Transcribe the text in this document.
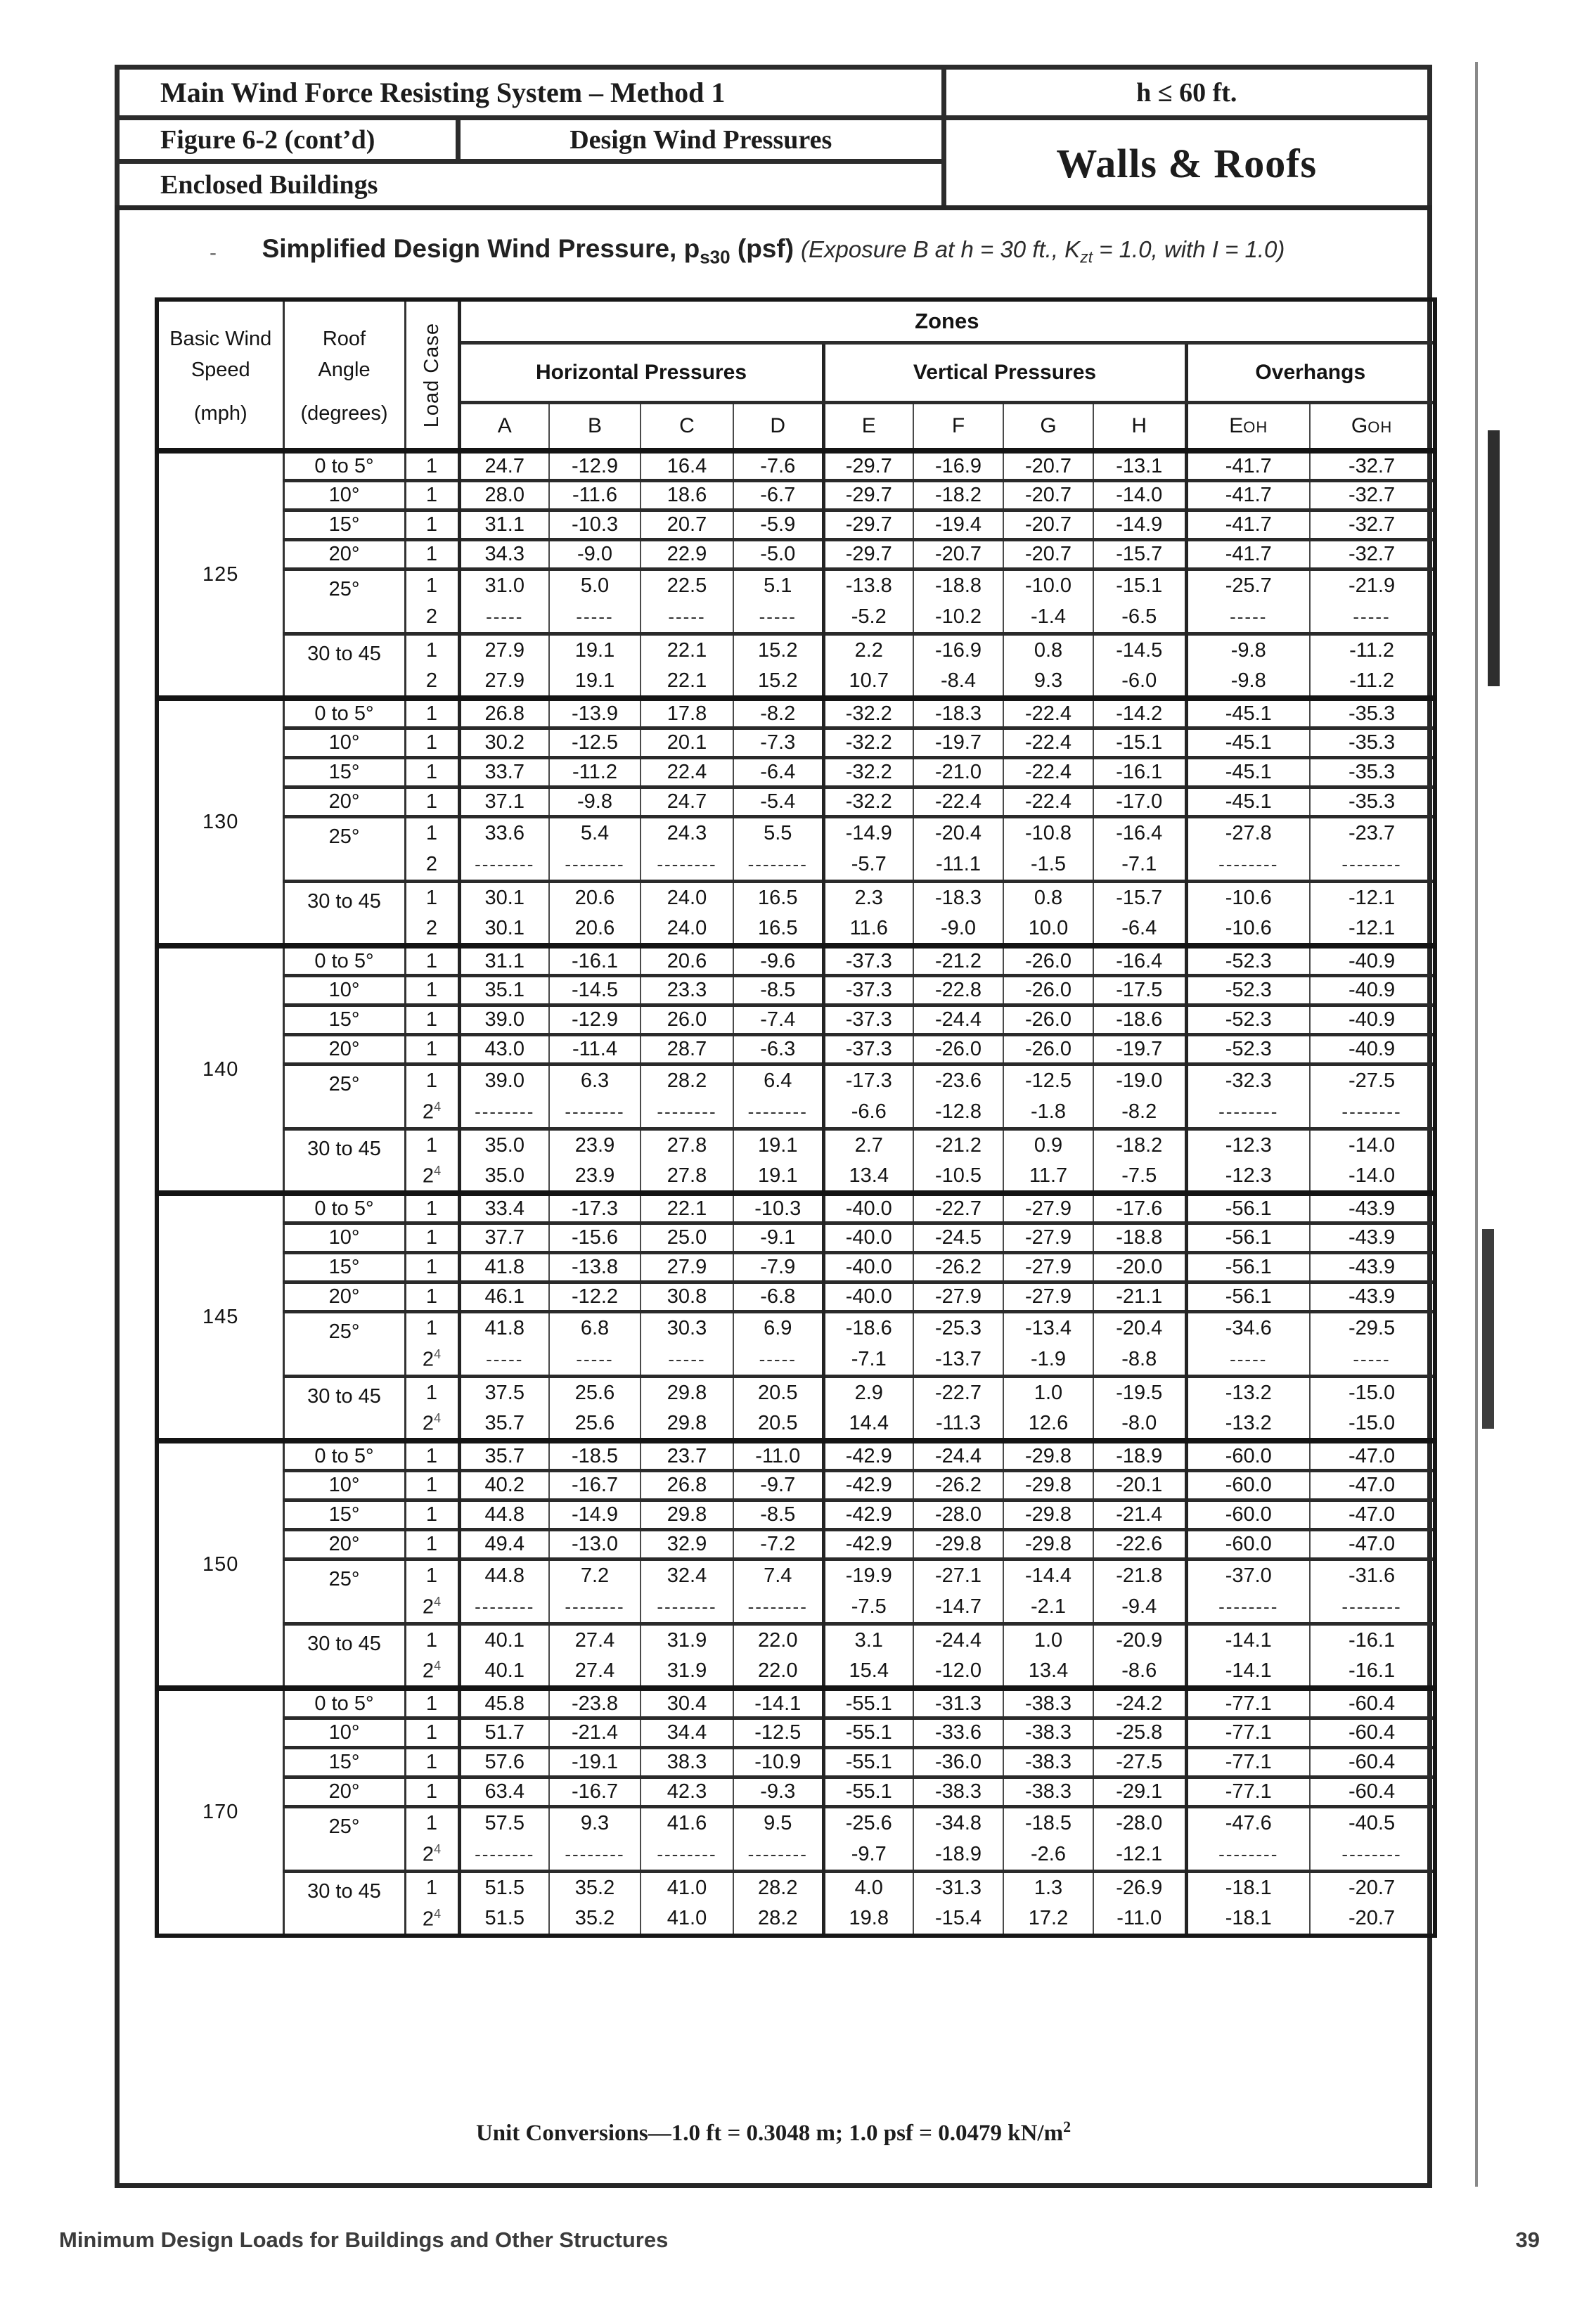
Main Wind Force Resisting System – Method 1
Figure 6-2 (cont’d)	Design Wind Pressures
Enclosed Buildings
h ≤ 60 ft.
Walls & Roofs
-	Simplified Design Wind Pressure, $p_{s30}$ (psf) (Exposure B at h = 30 ft., $K_{zt} = 1.0$, with I = 1.0)
Basic Wind Speed
(mph)	Roof Angle
(degrees)	Load Case	Zones									
			Horizontal Pressures				Vertical Pressures				Overhangs	
			A	B	C	D	E	F	G	H	EOH	GOH
125	0 to 5°	1	24.7	-12.9	16.4	-7.6	-29.7	-16.9	-20.7	-13.1	-41.7	-32.7
	10°	1	28.0	-11.6	18.6	-6.7	-29.7	-18.2	-20.7	-14.0	-41.7	-32.7
	15°	1	31.1	-10.3	20.7	-5.9	-29.7	-19.4	-20.7	-14.9	-41.7	-32.7
	20°	1	34.3	-9.0	22.9	-5.0	-29.7	-20.7	-20.7	-15.7	-41.7	-32.7
	25°	1	31.0	5.0	22.5	5.1	-13.8	-18.8	-10.0	-15.1	-25.7	-21.9
		2	-----	-----	-----	-----	-5.2	-10.2	-1.4	-6.5	-----	-----
	30 to 45	1	27.9	19.1	22.1	15.2	2.2	-16.9	0.8	-14.5	-9.8	-11.2
		2	27.9	19.1	22.1	15.2	10.7	-8.4	9.3	-6.0	-9.8	-11.2
130	0 to 5°	1	26.8	-13.9	17.8	-8.2	-32.2	-18.3	-22.4	-14.2	-45.1	-35.3
	10°	1	30.2	-12.5	20.1	-7.3	-32.2	-19.7	-22.4	-15.1	-45.1	-35.3
	15°	1	33.7	-11.2	22.4	-6.4	-32.2	-21.0	-22.4	-16.1	-45.1	-35.3
	20°	1	37.1	-9.8	24.7	-5.4	-32.2	-22.4	-22.4	-17.0	-45.1	-35.3
	25°	1	33.6	5.4	24.3	5.5	-14.9	-20.4	-10.8	-16.4	-27.8	-23.7
		2	--------	--------	--------	--------	-5.7	-11.1	-1.5	-7.1	--------	--------
	30 to 45	1	30.1	20.6	24.0	16.5	2.3	-18.3	0.8	-15.7	-10.6	-12.1
		2	30.1	20.6	24.0	16.5	11.6	-9.0	10.0	-6.4	-10.6	-12.1
140	0 to 5°	1	31.1	-16.1	20.6	-9.6	-37.3	-21.2	-26.0	-16.4	-52.3	-40.9
	10°	1	35.1	-14.5	23.3	-8.5	-37.3	-22.8	-26.0	-17.5	-52.3	-40.9
	15°	1	39.0	-12.9	26.0	-7.4	-37.3	-24.4	-26.0	-18.6	-52.3	-40.9
	20°	1	43.0	-11.4	28.7	-6.3	-37.3	-26.0	-26.0	-19.7	-52.3	-40.9
	25°	1	39.0	6.3	28.2	6.4	-17.3	-23.6	-12.5	-19.0	-32.3	-27.5
		$2^4$	--------	--------	--------	--------	-6.6	-12.8	-1.8	-8.2	--------	--------
	30 to 45	1	35.0	23.9	27.8	19.1	2.7	-21.2	0.9	-18.2	-12.3	-14.0
		$2^4$	35.0	23.9	27.8	19.1	13.4	-10.5	11.7	-7.5	-12.3	-14.0
145	0 to 5°	1	33.4	-17.3	22.1	-10.3	-40.0	-22.7	-27.9	-17.6	-56.1	-43.9
	10°	1	37.7	-15.6	25.0	-9.1	-40.0	-24.5	-27.9	-18.8	-56.1	-43.9
	15°	1	41.8	-13.8	27.9	-7.9	-40.0	-26.2	-27.9	-20.0	-56.1	-43.9
	20°	1	46.1	-12.2	30.8	-6.8	-40.0	-27.9	-27.9	-21.1	-56.1	-43.9
	25°	1	41.8	6.8	30.3	6.9	-18.6	-25.3	-13.4	-20.4	-34.6	-29.5
		$2^4$	-----	-----	-----	-----	-7.1	-13.7	-1.9	-8.8	-----	-----
	30 to 45	1	37.5	25.6	29.8	20.5	2.9	-22.7	1.0	-19.5	-13.2	-15.0
		$2^4$	35.7	25.6	29.8	20.5	14.4	-11.3	12.6	-8.0	-13.2	-15.0
150	0 to 5°	1	35.7	-18.5	23.7	-11.0	-42.9	-24.4	-29.8	-18.9	-60.0	-47.0
	10°	1	40.2	-16.7	26.8	-9.7	-42.9	-26.2	-29.8	-20.1	-60.0	-47.0
	15°	1	44.8	-14.9	29.8	-8.5	-42.9	-28.0	-29.8	-21.4	-60.0	-47.0
	20°	1	49.4	-13.0	32.9	-7.2	-42.9	-29.8	-29.8	-22.6	-60.0	-47.0
	25°	1	44.8	7.2	32.4	7.4	-19.9	-27.1	-14.4	-21.8	-37.0	-31.6
		$2^4$	--------	--------	--------	--------	-7.5	-14.7	-2.1	-9.4	--------	--------
	30 to 45	1	40.1	27.4	31.9	22.0	3.1	-24.4	1.0	-20.9	-14.1	-16.1
		$2^4$	40.1	27.4	31.9	22.0	15.4	-12.0	13.4	-8.6	-14.1	-16.1
170	0 to 5°	1	45.8	-23.8	30.4	-14.1	-55.1	-31.3	-38.3	-24.2	-77.1	-60.4
	10°	1	51.7	-21.4	34.4	-12.5	-55.1	-33.6	-38.3	-25.8	-77.1	-60.4
	15°	1	57.6	-19.1	38.3	-10.9	-55.1	-36.0	-38.3	-27.5	-77.1	-60.4
	20°	1	63.4	-16.7	42.3	-9.3	-55.1	-38.3	-38.3	-29.1	-77.1	-60.4
	25°	1	57.5	9.3	41.6	9.5	-25.6	-34.8	-18.5	-28.0	-47.6	-40.5
		$2^4$	--------	--------	--------	--------	-9.7	-18.9	-2.6	-12.1	--------	--------
	30 to 45	1	51.5	35.2	41.0	28.2	4.0	-31.3	1.3	-26.9	-18.1	-20.7
		$2^4$	51.5	35.2	41.0	28.2	19.8	-15.4	17.2	-11.0	-18.1	-20.7
Unit Conversions—1.0 ft = 0.3048 m; 1.0 psf = 0.0479 $kN/m^2$
Minimum Design Loads for Buildings and Other Structures	39
